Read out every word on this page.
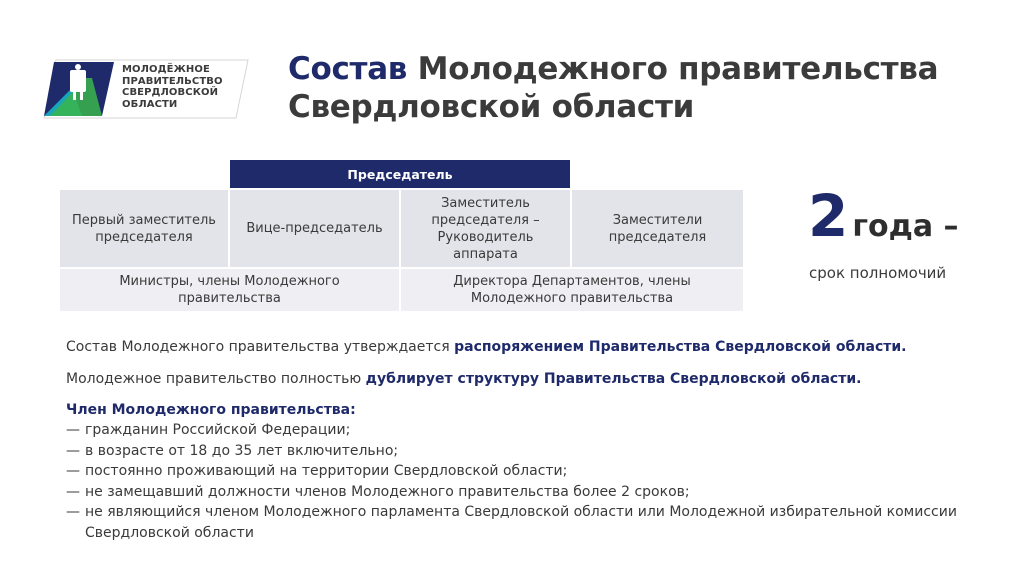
МОЛОДЁЖНОЕ
ПРАВИТЕЛЬСТВО
СВЕРДЛОВСКОЙ
ОБЛАСТИ
Состав Молодежного правительства
Свердловской области
Председатель
Первый заместитель председателя
Вице-председатель
Заместитель председателя – Руководитель аппарата
Заместители председателя
Министры, члены Молодежного правительства
Директора Департаментов, члены Молодежного правительства
2 года –
срок полномочий
Состав Молодежного правительства утверждается распоряжением Правительства Свердловской области.
Молодежное правительство полностью дублирует структуру Правительства Свердловской области.
Член Молодежного правительства:
— гражданин Российской Федерации;
— в возрасте от 18 до 35 лет включительно;
— постоянно проживающий на территории Свердловской области;
— не замещавший должности членов Молодежного правительства более 2 сроков;
— не являющийся членом Молодежного парламента Свердловской области или Молодежной избирательной комиссии Свердловской области
